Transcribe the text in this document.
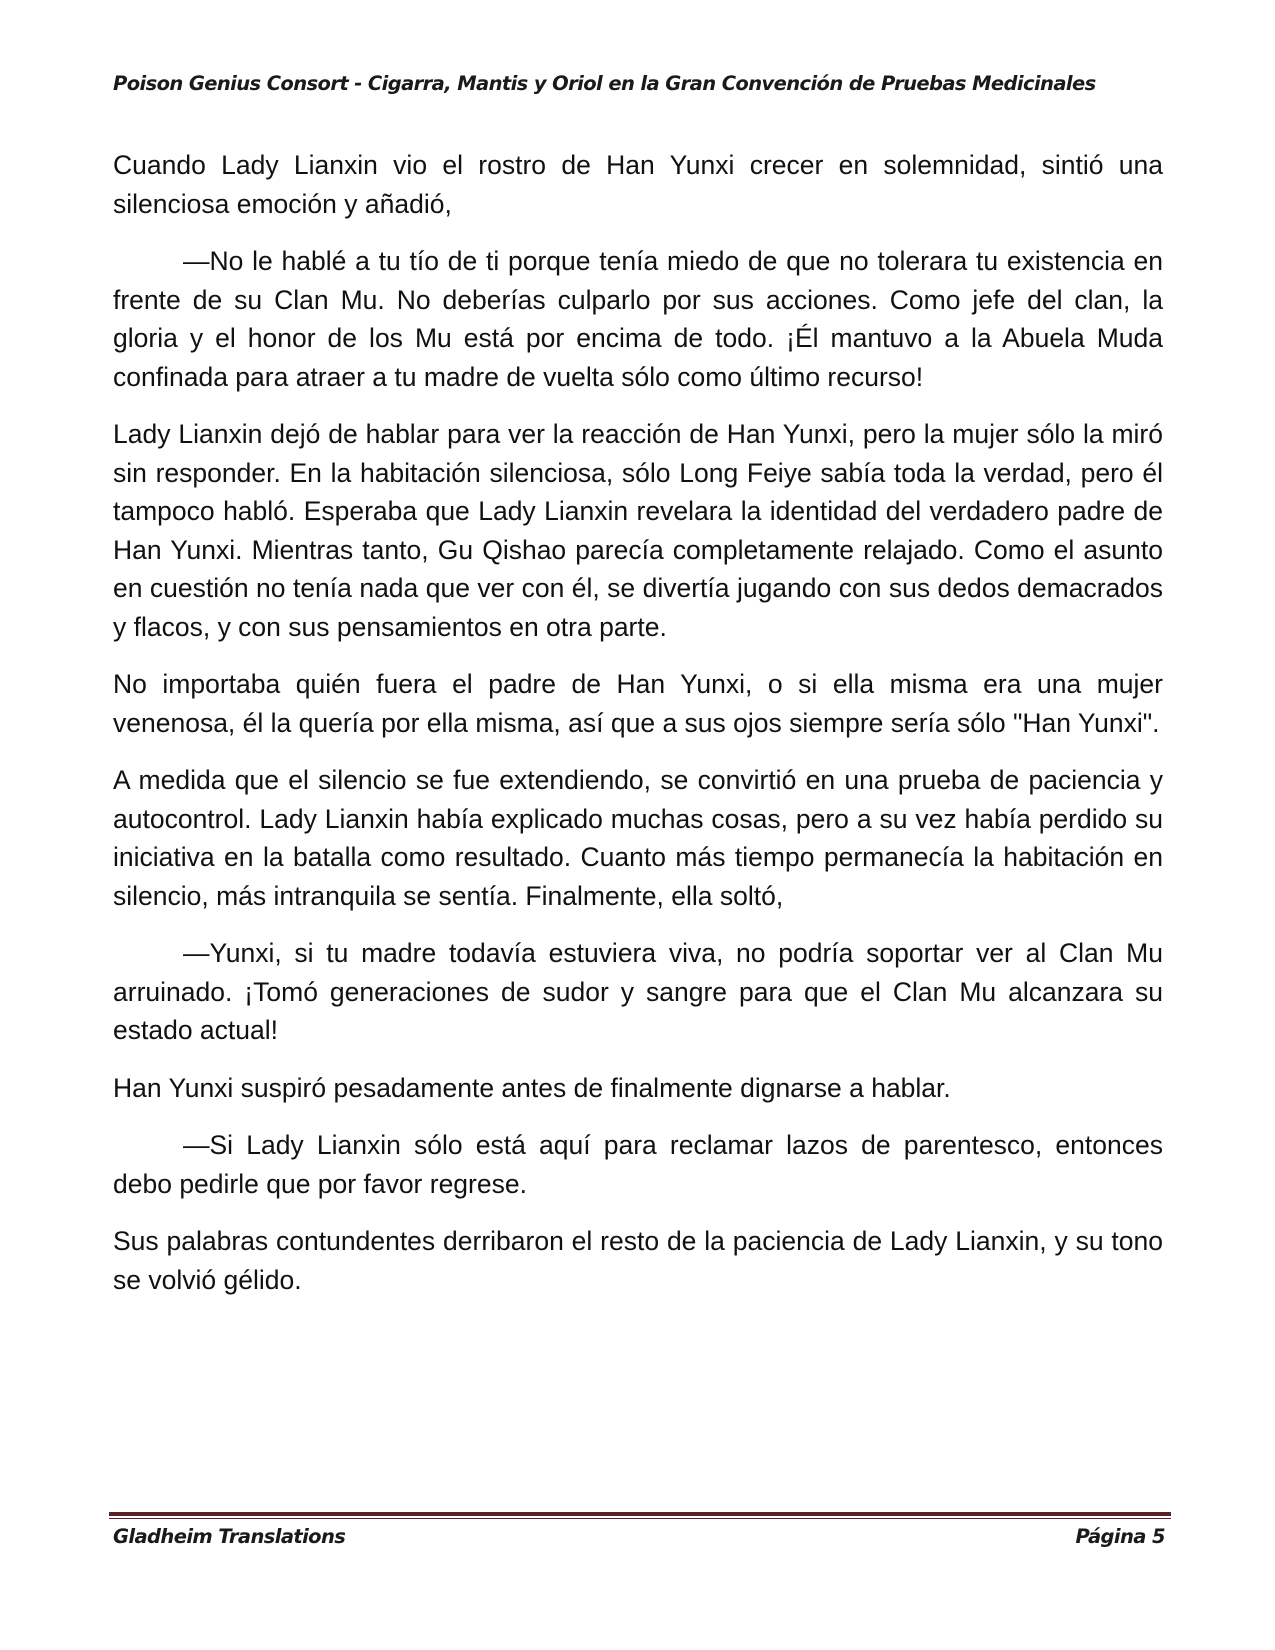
Poison Genius Consort - Cigarra, Mantis y Oriol en la Gran Convención de Pruebas Medicinales

Cuando Lady Lianxin vio el rostro de Han Yunxi crecer en solemnidad, sintió una silenciosa emoción y añadió,

—No le hablé a tu tío de ti porque tenía miedo de que no tolerara tu existencia en frente de su Clan Mu. No deberías culparlo por sus acciones. Como jefe del clan, la gloria y el honor de los Mu está por encima de todo. ¡Él mantuvo a la Abuela Muda confinada para atraer a tu madre de vuelta sólo como último recurso!

Lady Lianxin dejó de hablar para ver la reacción de Han Yunxi, pero la mujer sólo la miró sin responder. En la habitación silenciosa, sólo Long Feiye sabía toda la verdad, pero él tampoco habló. Esperaba que Lady Lianxin revelara la identidad del verdadero padre de Han Yunxi. Mientras tanto, Gu Qishao parecía completamente relajado. Como el asunto en cuestión no tenía nada que ver con él, se divertía jugando con sus dedos demacrados y flacos, y con sus pensamientos en otra parte.

No importaba quién fuera el padre de Han Yunxi, o si ella misma era una mujer venenosa, él la quería por ella misma, así que a sus ojos siempre sería sólo "Han Yunxi".

A medida que el silencio se fue extendiendo, se convirtió en una prueba de paciencia y autocontrol. Lady Lianxin había explicado muchas cosas, pero a su vez había perdido su iniciativa en la batalla como resultado. Cuanto más tiempo permanecía la habitación en silencio, más intranquila se sentía. Finalmente, ella soltó,

—Yunxi, si tu madre todavía estuviera viva, no podría soportar ver al Clan Mu arruinado. ¡Tomó generaciones de sudor y sangre para que el Clan Mu alcanzara su estado actual!

Han Yunxi suspiró pesadamente antes de finalmente dignarse a hablar.

—Si Lady Lianxin sólo está aquí para reclamar lazos de parentesco, entonces debo pedirle que por favor regrese.

Sus palabras contundentes derribaron el resto de la paciencia de Lady Lianxin, y su tono se volvió gélido.

Gladheim Translations	Página 5
